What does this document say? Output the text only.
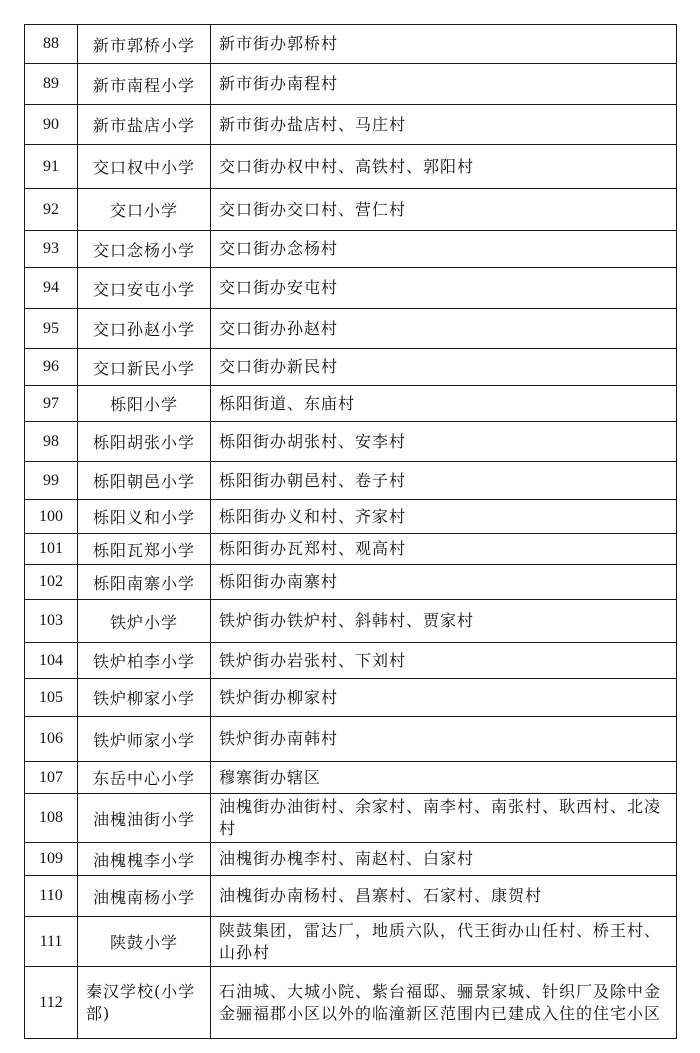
88	新市郭桥小学	新市街办郭桥村
89	新市南程小学	新市街办南程村
90	新市盐店小学	新市街办盐店村、马庄村
91	交口权中小学	交口街办权中村、高铁村、郭阳村
92	交口小学	交口街办交口村、营仁村
93	交口念杨小学	交口街办念杨村
94	交口安屯小学	交口街办安屯村
95	交口孙赵小学	交口街办孙赵村
96	交口新民小学	交口街办新民村
97	栎阳小学	栎阳街道、东庙村
98	栎阳胡张小学	栎阳街办胡张村、安李村
99	栎阳朝邑小学	栎阳街办朝邑村、卷子村
100	栎阳义和小学	栎阳街办义和村、齐家村
101	栎阳瓦郑小学	栎阳街办瓦郑村、观高村
102	栎阳南寨小学	栎阳街办南寨村
103	铁炉小学	铁炉街办铁炉村、斜韩村、贾家村
104	铁炉柏李小学	铁炉街办岩张村、下刘村
105	铁炉柳家小学	铁炉街办柳家村
106	铁炉师家小学	铁炉街办南韩村
107	东岳中心小学	穆寨街办辖区
108	油槐油街小学	油槐街办油街村、余家村、南李村、南张村、耿西村、北凌村
109	油槐槐李小学	油槐街办槐李村、南赵村、白家村
110	油槐南杨小学	油槐街办南杨村、昌寨村、石家村、康贺村
111	陕鼓小学	陕鼓集团，雷达厂，地质六队，代王街办山任村、桥王村、山孙村
112	秦汉学校(小学部)	石油城、大城小院、紫台福邸、骊景家城、针织厂及除中金金骊福郡小区以外的临潼新区范围内已建成入住的住宅小区
